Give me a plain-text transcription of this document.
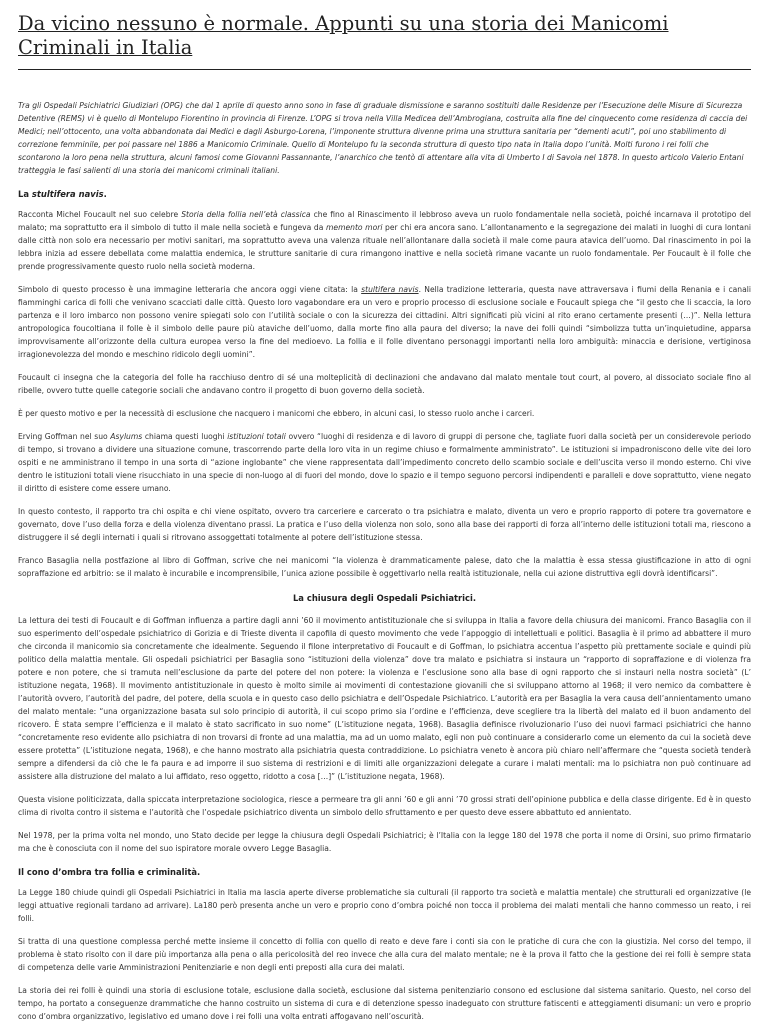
Da vicino nessuno è normale. Appunti su una storia dei Manicomi Criminali in Italia

Tra gli Ospedali Psichiatrici Giudiziari (OPG) che dal 1 aprile di questo anno sono in fase di graduale dismissione e saranno sostituiti dalle Residenze per l’Esecuzione delle Misure di Sicurezza Detentive (REMS) vi è quello di Montelupo Fiorentino in provincia di Firenze. L’OPG si trova nella Villa Medicea dell’Ambrogiana, costruita alla fine del cinquecento come residenza di caccia dei Medici; nell’ottocento, una volta abbandonata dai Medici e dagli Asburgo-Lorena, l’imponente struttura divenne prima una struttura sanitaria per “dementi acuti”, poi uno stabilimento di correzione femminile, per poi passare nel 1886 a Manicomio Criminale. Quello di Montelupo fu la seconda struttura di questo tipo nata in Italia dopo l’unità. Molti furono i rei folli che scontarono la loro pena nella struttura, alcuni famosi come Giovanni Passannante, l’anarchico che tentò di attentare alla vita di Umberto I di Savoia nel 1878. In questo articolo Valerio Entani tratteggia le fasi salienti di una storia dei manicomi criminali italiani.

La stultifera navis.

Racconta Michel Foucault nel suo celebre Storia della follia nell’età classica che fino al Rinascimento il lebbroso aveva un ruolo fondamentale nella società, poiché incarnava il prototipo del malato; ma soprattutto era il simbolo di tutto il male nella società e fungeva da memento mori per chi era ancora sano. L’allontanamento e la segregazione dei malati in luoghi di cura lontani dalle città non solo era necessario per motivi sanitari, ma soprattutto aveva una valenza rituale nell’allontanare dalla società il male come paura atavica dell’uomo. Dal rinascimento in poi la lebbra inizia ad essere debellata come malattia endemica, le strutture sanitarie di cura rimangono inattive e nella società rimane vacante un ruolo fondamentale. Per Foucault è il folle che prende progressivamente questo ruolo nella società moderna.

Simbolo di questo processo è una immagine letteraria che ancora oggi viene citata: la stultifera navis. Nella tradizione letteraria, questa nave attraversava i fiumi della Renania e i canali fiamminghi carica di folli che venivano scacciati dalle città. Questo loro vagabondare era un vero e proprio processo di esclusione sociale e Foucault spiega che “il gesto che li scaccia, la loro partenza e il loro imbarco non possono venire spiegati solo con l’utilità sociale o con la sicurezza dei cittadini. Altri significati più vicini al rito erano certamente presenti (…)”. Nella lettura antropologica foucoltiana il folle è il simbolo delle paure più ataviche dell’uomo, dalla morte fino alla paura del diverso; la nave dei folli quindi “simbolizza tutta un’inquietudine, apparsa improvvisamente all’orizzonte della cultura europea verso la fine del medioevo. La follia e il folle diventano personaggi importanti nella loro ambiguità: minaccia e derisione, vertiginosa irragionevolezza del mondo e meschino ridicolo degli uomini”.

Foucault ci insegna che la categoria del folle ha racchiuso dentro di sé una molteplicità di declinazioni che andavano dal malato mentale tout court, al povero, al dissociato sociale fino al ribelle, ovvero tutte quelle categorie sociali che andavano contro il progetto di buon governo della società.

È per questo motivo e per la necessità di esclusione che nacquero i manicomi che ebbero, in alcuni casi, lo stesso ruolo anche i carceri.

Erving Goffman nel suo Asylums chiama questi luoghi istituzioni totali ovvero “luoghi di residenza e di lavoro di gruppi di persone che, tagliate fuori dalla società per un considerevole periodo di tempo, si trovano a dividere una situazione comune, trascorrendo parte della loro vita in un regime chiuso e formalmente amministrato”. Le istituzioni si impadroniscono delle vite dei loro ospiti e ne amministrano il tempo in una sorta di “azione inglobante” che viene rappresentata dall’impedimento concreto dello scambio sociale e dell’uscita verso il mondo esterno. Chi vive dentro le istituzioni totali viene risucchiato in una specie di non-luogo al di fuori del mondo, dove lo spazio e il tempo seguono percorsi indipendenti e paralleli e dove soprattutto, viene negato il diritto di esistere come essere umano.

In questo contesto, il rapporto tra chi ospita e chi viene ospitato, ovvero tra carceriere e carcerato o tra psichiatra e malato, diventa un vero e proprio rapporto di potere tra governatore e governato, dove l’uso della forza e della violenza diventano prassi. La pratica e l’uso della violenza non solo, sono alla base dei rapporti di forza all’interno delle istituzioni totali ma, riescono a distruggere il sé degli internati i quali si ritrovano assoggettati totalmente al potere dell’istituzione stessa.

Franco Basaglia nella postfazione al libro di Goffman, scrive che nei manicomi “la violenza è drammaticamente palese, dato che la malattia è essa stessa giustificazione in atto di ogni sopraffazione ed arbitrio: se il malato è incurabile e incomprensibile, l’unica azione possibile è oggettivarlo nella realtà istituzionale, nella cui azione distruttiva egli dovrà identificarsi”.

La chiusura degli Ospedali Psichiatrici.

La lettura dei testi di Foucault e di Goffman influenza a partire dagli anni ’60 il movimento antistituzionale che si sviluppa in Italia a favore della chiusura dei manicomi. Franco Basaglia con il suo esperimento dell’ospedale psichiatrico di Gorizia e di Trieste diventa il capofila di questo movimento che vede l’appoggio di intellettuali e politici. Basaglia è il primo ad abbattere il muro che circonda il manicomio sia concretamente che idealmente. Seguendo il filone interpretativo di Foucault e di Goffman, lo psichiatra accentua l’aspetto più prettamente sociale e quindi più politico della malattia mentale. Gli ospedali psichiatrici per Basaglia sono “istituzioni della violenza” dove tra malato e psichiatra si instaura un “rapporto di sopraffazione e di violenza fra potere e non potere, che si tramuta nell’esclusione da parte del potere del non potere: la violenza e l’esclusione sono alla base di ogni rapporto che si instauri nella nostra società” (L’ istituzione negata, 1968). Il movimento antistituzionale in questo è molto simile ai movimenti di contestazione giovanili che si sviluppano attorno al 1968; il vero nemico da combattere è l’autorità ovvero, l’autorità del padre, del potere, della scuola e in questo caso dello psichiatra e dell’Ospedale Psichiatrico. L’autorità era per Basaglia la vera causa dell’annientamento umano del malato mentale: “una organizzazione basata sul solo principio di autorità, il cui scopo primo sia l’ordine e l’efficienza, deve scegliere tra la libertà del malato ed il buon andamento del ricovero. È stata sempre l’efficienza e il malato è stato sacrificato in suo nome” (L’istituzione negata, 1968). Basaglia definisce rivoluzionario l’uso dei nuovi farmaci psichiatrici che hanno “concretamente reso evidente allo psichiatra di non trovarsi di fronte ad una malattia, ma ad un uomo malato, egli non può continuare a considerarlo come un elemento da cui la società deve essere protetta” (L’istituzione negata, 1968), e che hanno mostrato alla psichiatria questa contraddizione. Lo psichiatra veneto è ancora più chiaro nell’affermare che “questa società tenderà sempre a difendersi da ciò che le fa paura e ad imporre il suo sistema di restrizioni e di limiti alle organizzazioni delegate a curare i malati mentali: ma lo psichiatra non può continuare ad assistere alla distruzione del malato a lui affidato, reso oggetto, ridotto a cosa […]” (L’istituzione negata, 1968).

Questa visione politicizzata, dalla spiccata interpretazione sociologica, riesce a permeare tra gli anni ’60 e gli anni ’70 grossi strati dell’opinione pubblica e della classe dirigente. Ed è in questo clima di rivolta contro il sistema e l’autorità che l’ospedale psichiatrico diventa un simbolo dello sfruttamento e per questo deve essere abbattuto ed annientato.

Nel 1978, per la prima volta nel mondo, uno Stato decide per legge la chiusura degli Ospedali Psichiatrici; è l’Italia con la legge 180 del 1978 che porta il nome di Orsini, suo primo firmatario ma che è conosciuta con il nome del suo ispiratore morale ovvero Legge Basaglia.

Il cono d’ombra tra follia e criminalità.

La Legge 180 chiude quindi gli Ospedali Psichiatrici in Italia ma lascia aperte diverse problematiche sia culturali (il rapporto tra società e malattia mentale) che strutturali ed organizzative (le leggi attuative regionali tardano ad arrivare). La180 però presenta anche un vero e proprio cono d’ombra poiché non tocca il problema dei malati mentali che hanno commesso un reato, i rei folli.

Si tratta di una questione complessa perché mette insieme il concetto di follia con quello di reato e deve fare i conti sia con le pratiche di cura che con la giustizia. Nel corso del tempo, il problema è stato risolto con il dare più importanza alla pena o alla pericolosità del reo invece che alla cura del malato mentale; ne è la prova il fatto che la gestione dei rei folli è sempre stata di competenza delle varie Amministrazioni Penitenziarie e non degli enti preposti alla cura dei malati.

La storia dei rei folli è quindi una storia di esclusione totale, esclusione dalla società, esclusione dal sistema penitenziario consono ed esclusione dal sistema sanitario. Questo, nel corso del tempo, ha portato a conseguenze drammatiche che hanno costruito un sistema di cura e di detenzione spesso inadeguato con strutture fatiscenti e atteggiamenti disumani: un vero e proprio cono d’ombra organizzativo, legislativo ed umano dove i rei folli una volta entrati affogavano nell’oscurità.
